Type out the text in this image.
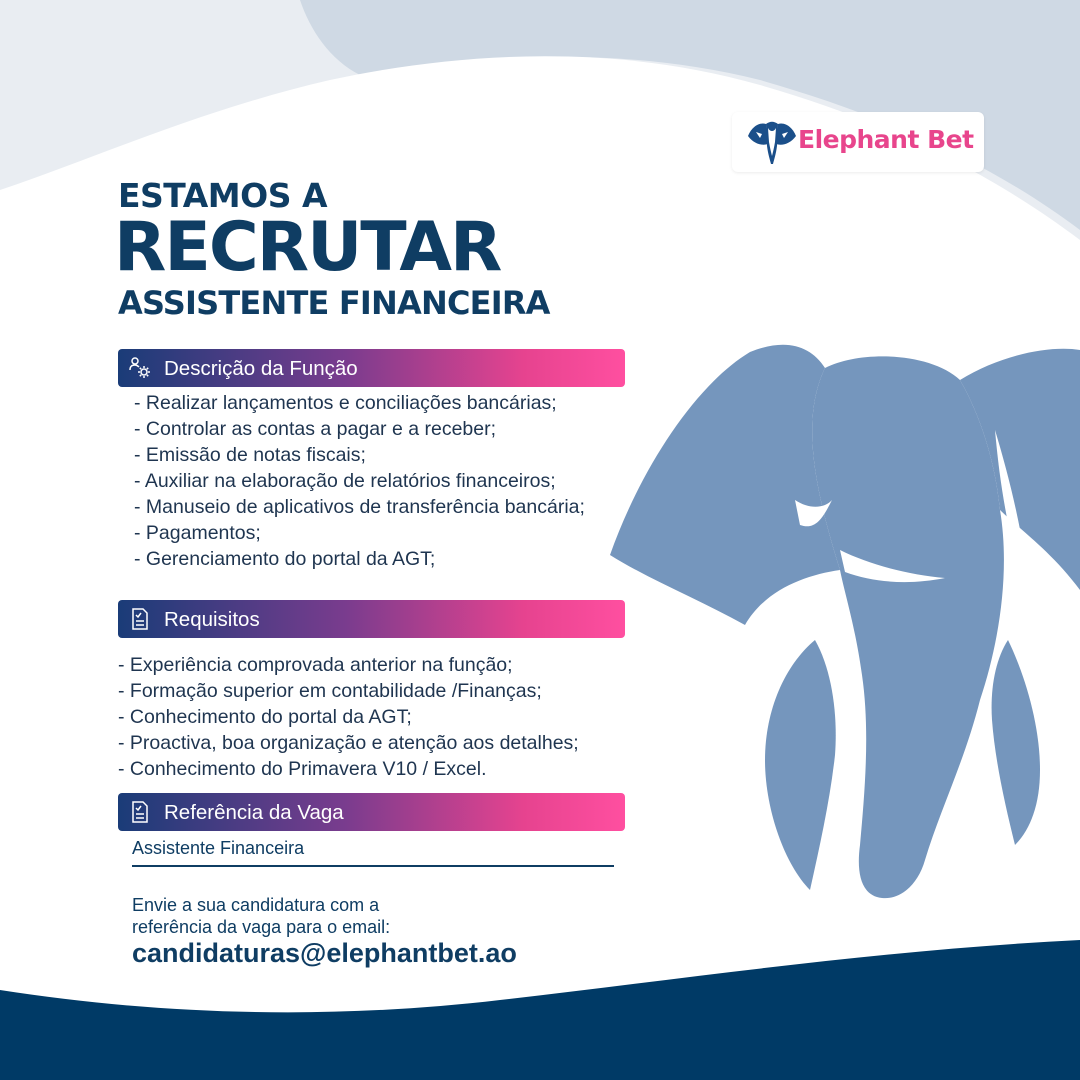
Elephant Bet
ESTAMOS A
RECRUTAR
ASSISTENTE FINANCEIRA
Descrição da Função
- Realizar lançamentos e conciliações bancárias;
- Controlar as contas a pagar e a receber;
- Emissão de notas fiscais;
- Auxiliar na elaboração de relatórios financeiros;
- Manuseio de aplicativos de transferência bancária;
- Pagamentos;
- Gerenciamento do portal da AGT;
Requisitos
- Experiência comprovada anterior na função;
- Formação superior em contabilidade /Finanças;
- Conhecimento do portal da AGT;
- Proactiva, boa organização e atenção aos detalhes;
- Conhecimento do Primavera V10 / Excel.
Referência da Vaga
Assistente Financeira
Envie a sua candidatura com a
referência da vaga para o email:
candidaturas@elephantbet.ao
